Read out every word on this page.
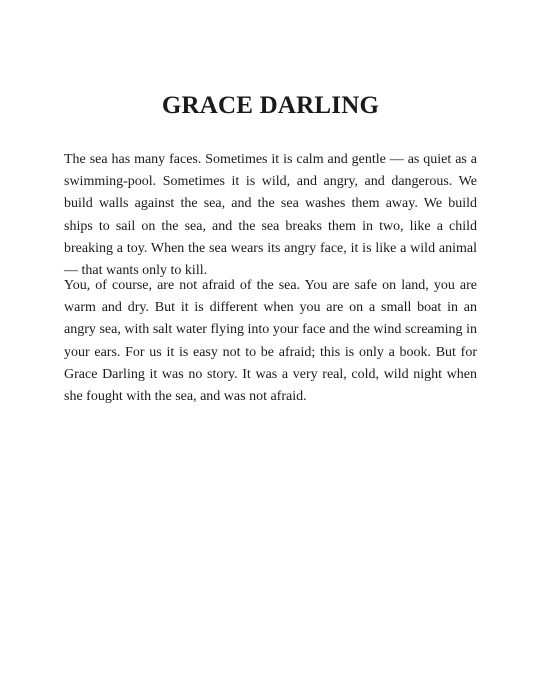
GRACE DARLING

The sea has many faces. Sometimes it is calm and gentle — as quiet as a swimming-pool. Sometimes it is wild, and angry, and dangerous. We build walls against the sea, and the sea washes them away. We build ships to sail on the sea, and the sea breaks them in two, like a child breaking a toy. When the sea wears its angry face, it is like a wild animal — that wants only to kill.

You, of course, are not afraid of the sea. You are safe on land, you are warm and dry. But it is different when you are on a small boat in an angry sea, with salt water flying into your face and the wind screaming in your ears. For us it is easy not to be afraid; this is only a book. But for Grace Darling it was no story. It was a very real, cold, wild night when she fought with the sea, and was not afraid.
